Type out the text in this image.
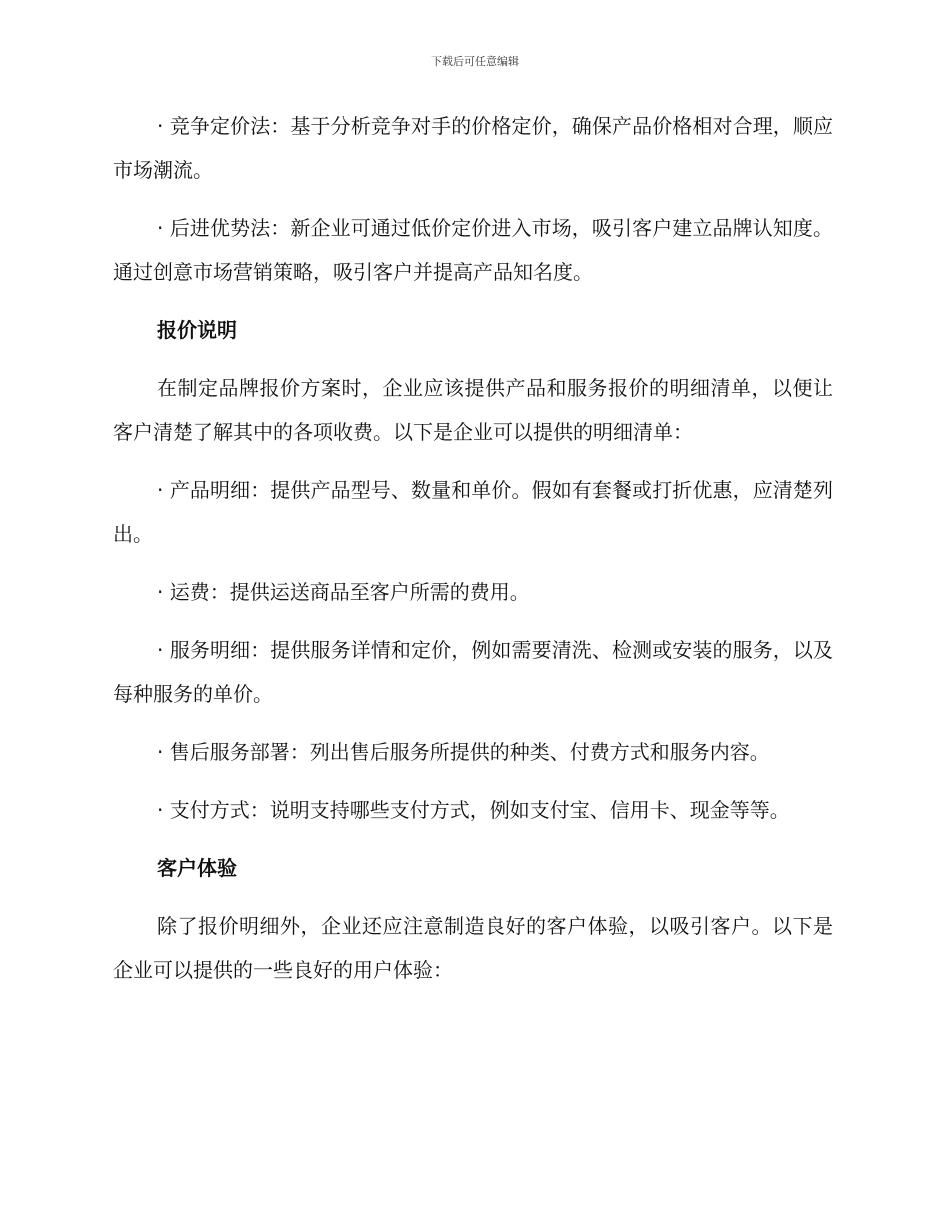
下载后可任意编辑

· 竞争定价法：基于分析竞争对手的价格定价，确保产品价格相对合理，顺应市场潮流。

· 后进优势法：新企业可通过低价定价进入市场，吸引客户建立品牌认知度。通过创意市场营销策略，吸引客户并提高产品知名度。

报价说明

在制定品牌报价方案时，企业应该提供产品和服务报价的明细清单，以便让客户清楚了解其中的各项收费。以下是企业可以提供的明细清单：

· 产品明细：提供产品型号、数量和单价。假如有套餐或打折优惠，应清楚列出。

· 运费：提供运送商品至客户所需的费用。

· 服务明细：提供服务详情和定价，例如需要清洗、检测或安装的服务，以及每种服务的单价。

· 售后服务部署：列出售后服务所提供的种类、付费方式和服务内容。

· 支付方式：说明支持哪些支付方式，例如支付宝、信用卡、现金等等。

客户体验

除了报价明细外，企业还应注意制造良好的客户体验，以吸引客户。以下是企业可以提供的一些良好的用户体验：
